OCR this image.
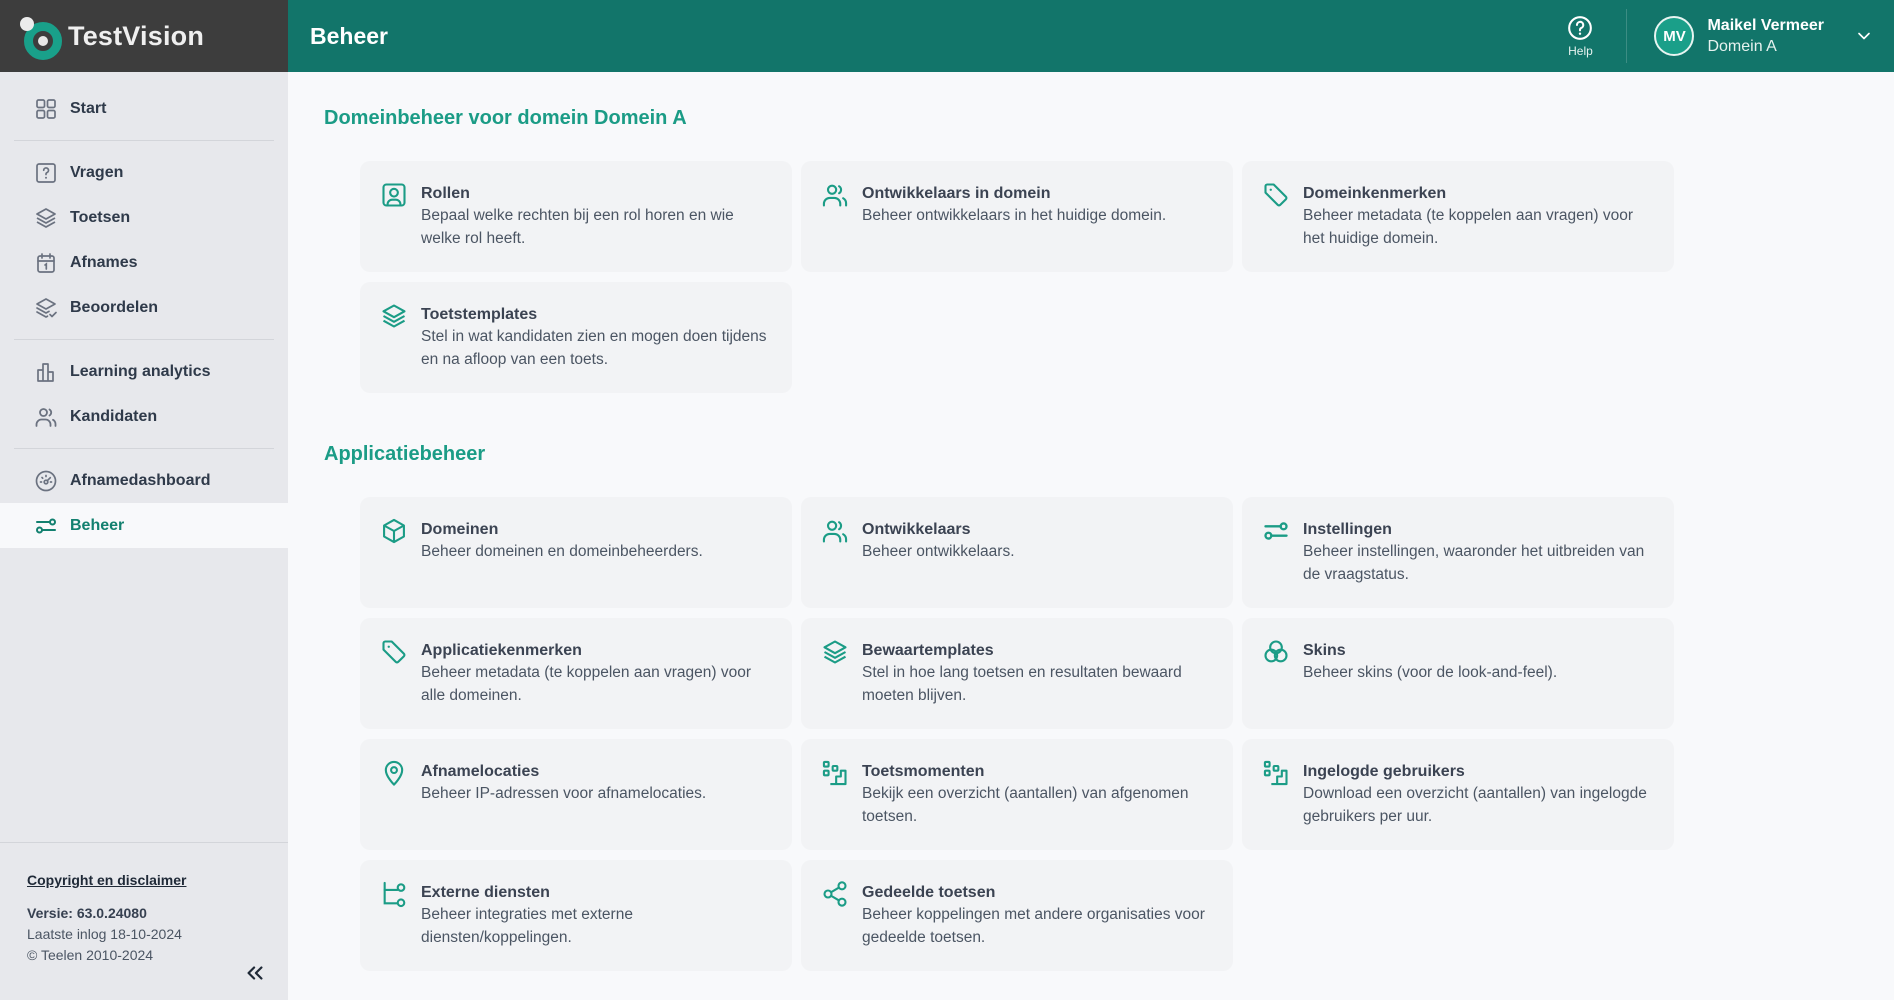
TestVision	Beheer
Help
MV
Maikel Vermeer
Domein A
Start
Vragen
Toetsen
Afnames
Beoordelen
Learning analytics
Kandidaten
Afnamedashboard
Beheer
Copyright en disclaimer
Versie: 63.0.24080
Laatste inlog 18-10-2024
© Teelen 2010-2024
Domeinbeheer voor domein Domein A
Rollen
Bepaal welke rechten bij een rol horen en wie welke rol heeft.
Ontwikkelaars in domein
Beheer ontwikkelaars in het huidige domein.
Domeinkenmerken
Beheer metadata (te koppelen aan vragen) voor het huidige domein.
Toetstemplates
Stel in wat kandidaten zien en mogen doen tijdens en na afloop van een toets.
Applicatiebeheer
Domeinen
Beheer domeinen en domeinbeheerders.
Ontwikkelaars
Beheer ontwikkelaars.
Instellingen
Beheer instellingen, waaronder het uitbreiden van de vraagstatus.
Applicatiekenmerken
Beheer metadata (te koppelen aan vragen) voor alle domeinen.
Bewaartemplates
Stel in hoe lang toetsen en resultaten bewaard moeten blijven.
Skins
Beheer skins (voor de look-and-feel).
Afnamelocaties
Beheer IP-adressen voor afnamelocaties.
Toetsmomenten
Bekijk een overzicht (aantallen) van afgenomen toetsen.
Ingelogde gebruikers
Download een overzicht (aantallen) van ingelogde gebruikers per uur.
Externe diensten
Beheer integraties met externe diensten/koppelingen.
Gedeelde toetsen
Beheer koppelingen met andere organisaties voor gedeelde toetsen.
